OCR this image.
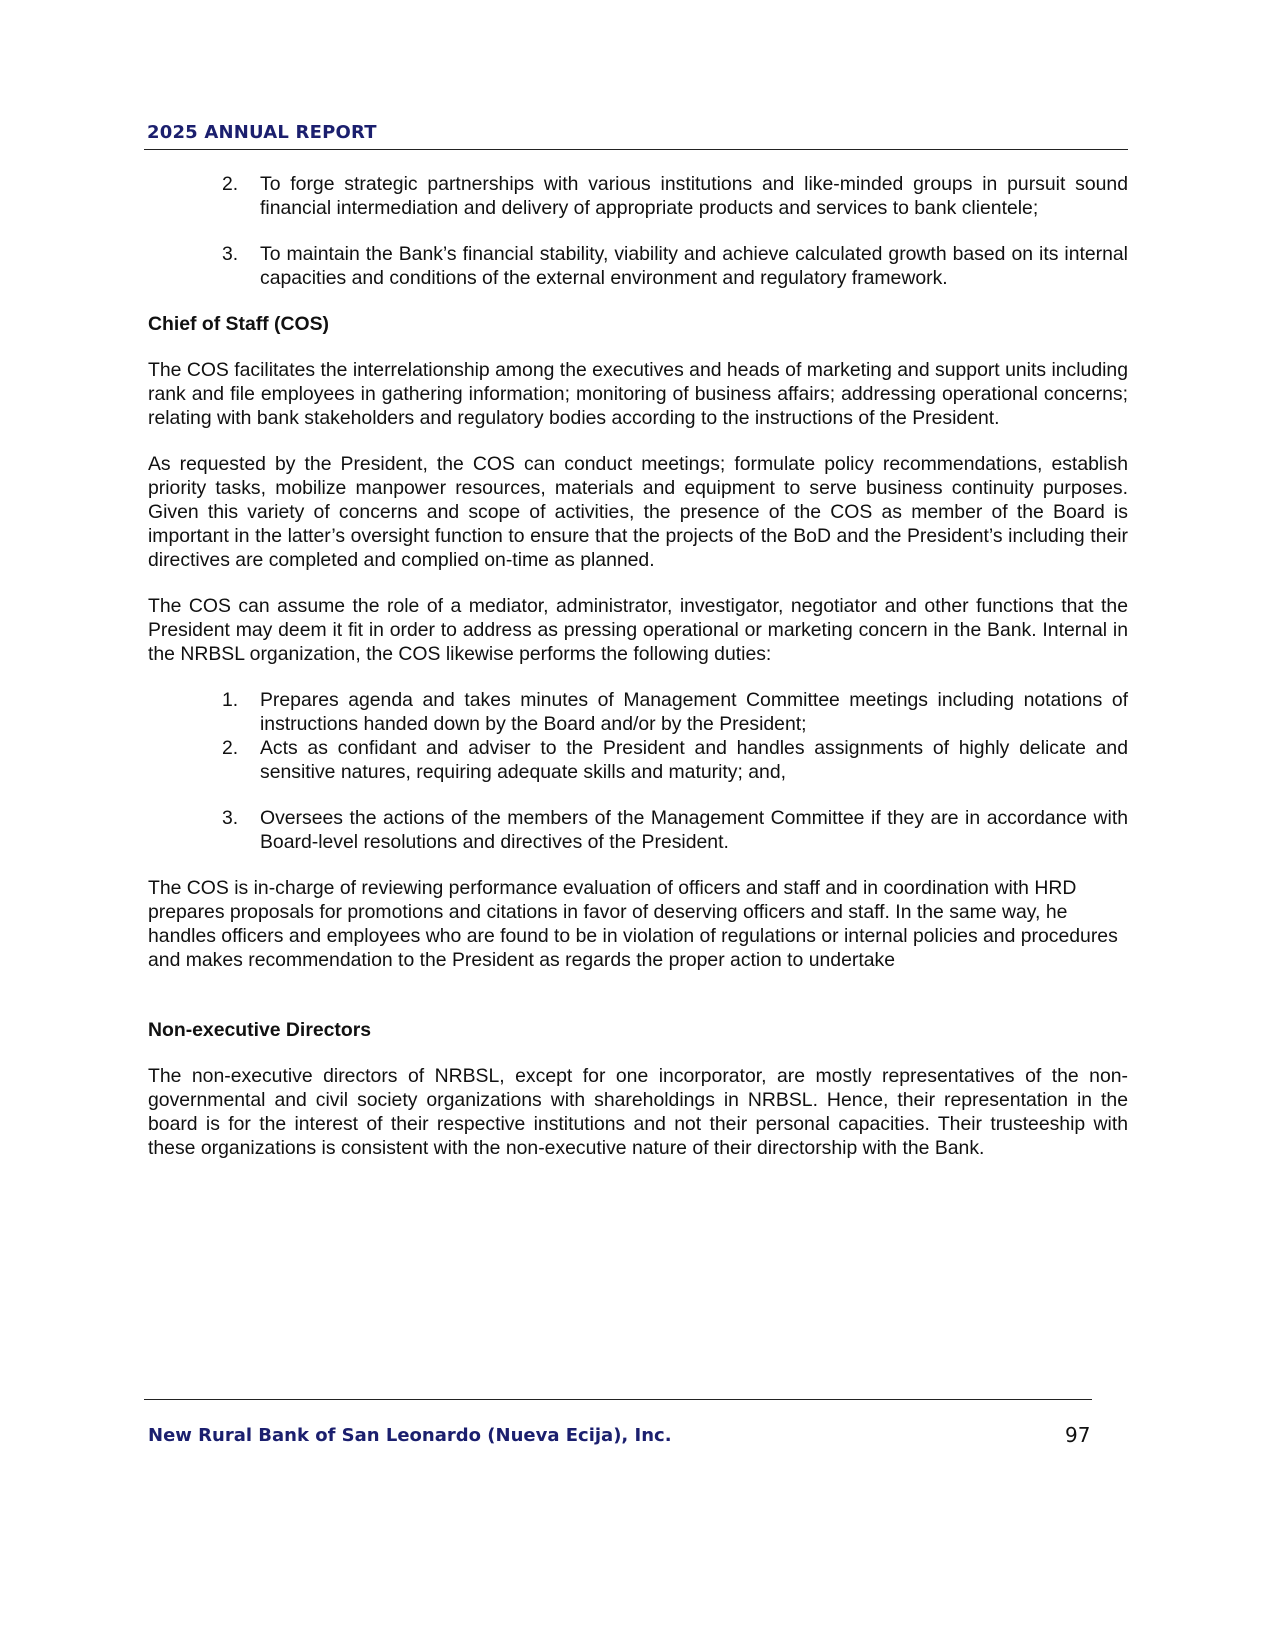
2025 ANNUAL REPORT
2. To forge strategic partnerships with various institutions and like-minded groups in pursuit sound financial intermediation and delivery of appropriate products and services to bank clientele;

3. To maintain the Bank’s financial stability, viability and achieve calculated growth based on its internal capacities and conditions of the external environment and regulatory framework.

Chief of Staff (COS)

The COS facilitates the interrelationship among the executives and heads of marketing and support units including rank and file employees in gathering information; monitoring of business affairs; addressing operational concerns; relating with bank stakeholders and regulatory bodies according to the instructions of the President.

As requested by the President, the COS can conduct meetings; formulate policy recommendations, establish priority tasks, mobilize manpower resources, materials and equipment to serve business continuity purposes. Given this variety of concerns and scope of activities, the presence of the COS as member of the Board is important in the latter’s oversight function to ensure that the projects of the BoD and the President’s including their directives are completed and complied on-time as planned.

The COS can assume the role of a mediator, administrator, investigator, negotiator and other functions that the President may deem it fit in order to address as pressing operational or marketing concern in the Bank. Internal in the NRBSL organization, the COS likewise performs the following duties:

1. Prepares agenda and takes minutes of Management Committee meetings including notations of instructions handed down by the Board and/or by the President;

2. Acts as confidant and adviser to the President and handles assignments of highly delicate and sensitive natures, requiring adequate skills and maturity; and,

3. Oversees the actions of the members of the Management Committee if they are in accordance with Board-level resolutions and directives of the President.

The COS is in-charge of reviewing performance evaluation of officers and staff and in coordination with HRD prepares proposals for promotions and citations in favor of deserving officers and staff. In the same way, he handles officers and employees who are found to be in violation of regulations or internal policies and procedures and makes recommendation to the President as regards the proper action to undertake

Non-executive Directors

The non-executive directors of NRBSL, except for one incorporator, are mostly representatives of the non-governmental and civil society organizations with shareholdings in NRBSL. Hence, their representation in the board is for the interest of their respective institutions and not their personal capacities. Their trusteeship with these organizations is consistent with the non-executive nature of their directorship with the Bank.

New Rural Bank of San Leonardo (Nueva Ecija), Inc.	97
